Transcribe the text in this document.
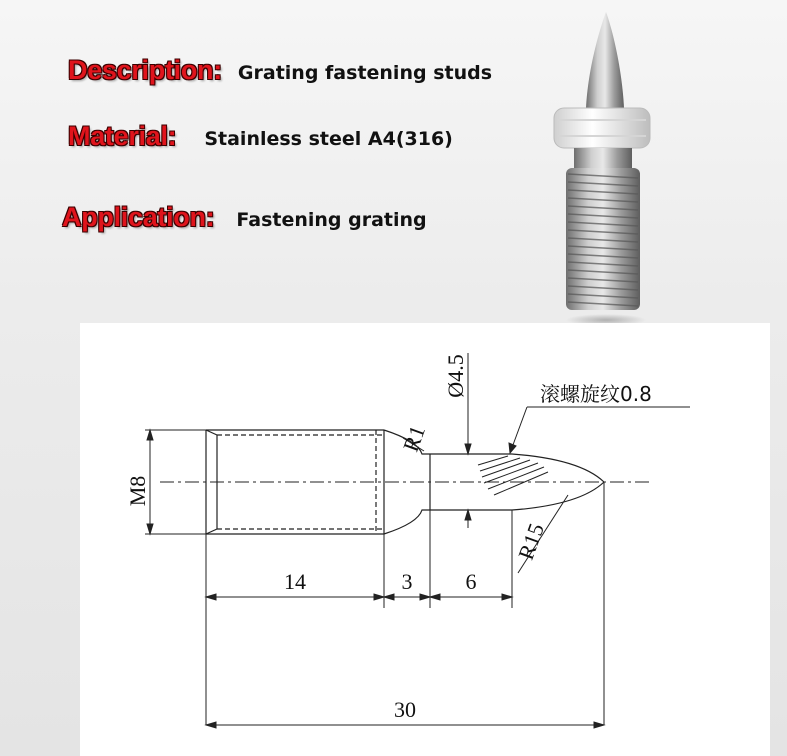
Description: Grating fastening studs
Material: Stainless steel A4(316)
Application: Fastening grating
M8
R1
Ø4.5	滚螺旋纹0.8
R15
14	3 6
30
